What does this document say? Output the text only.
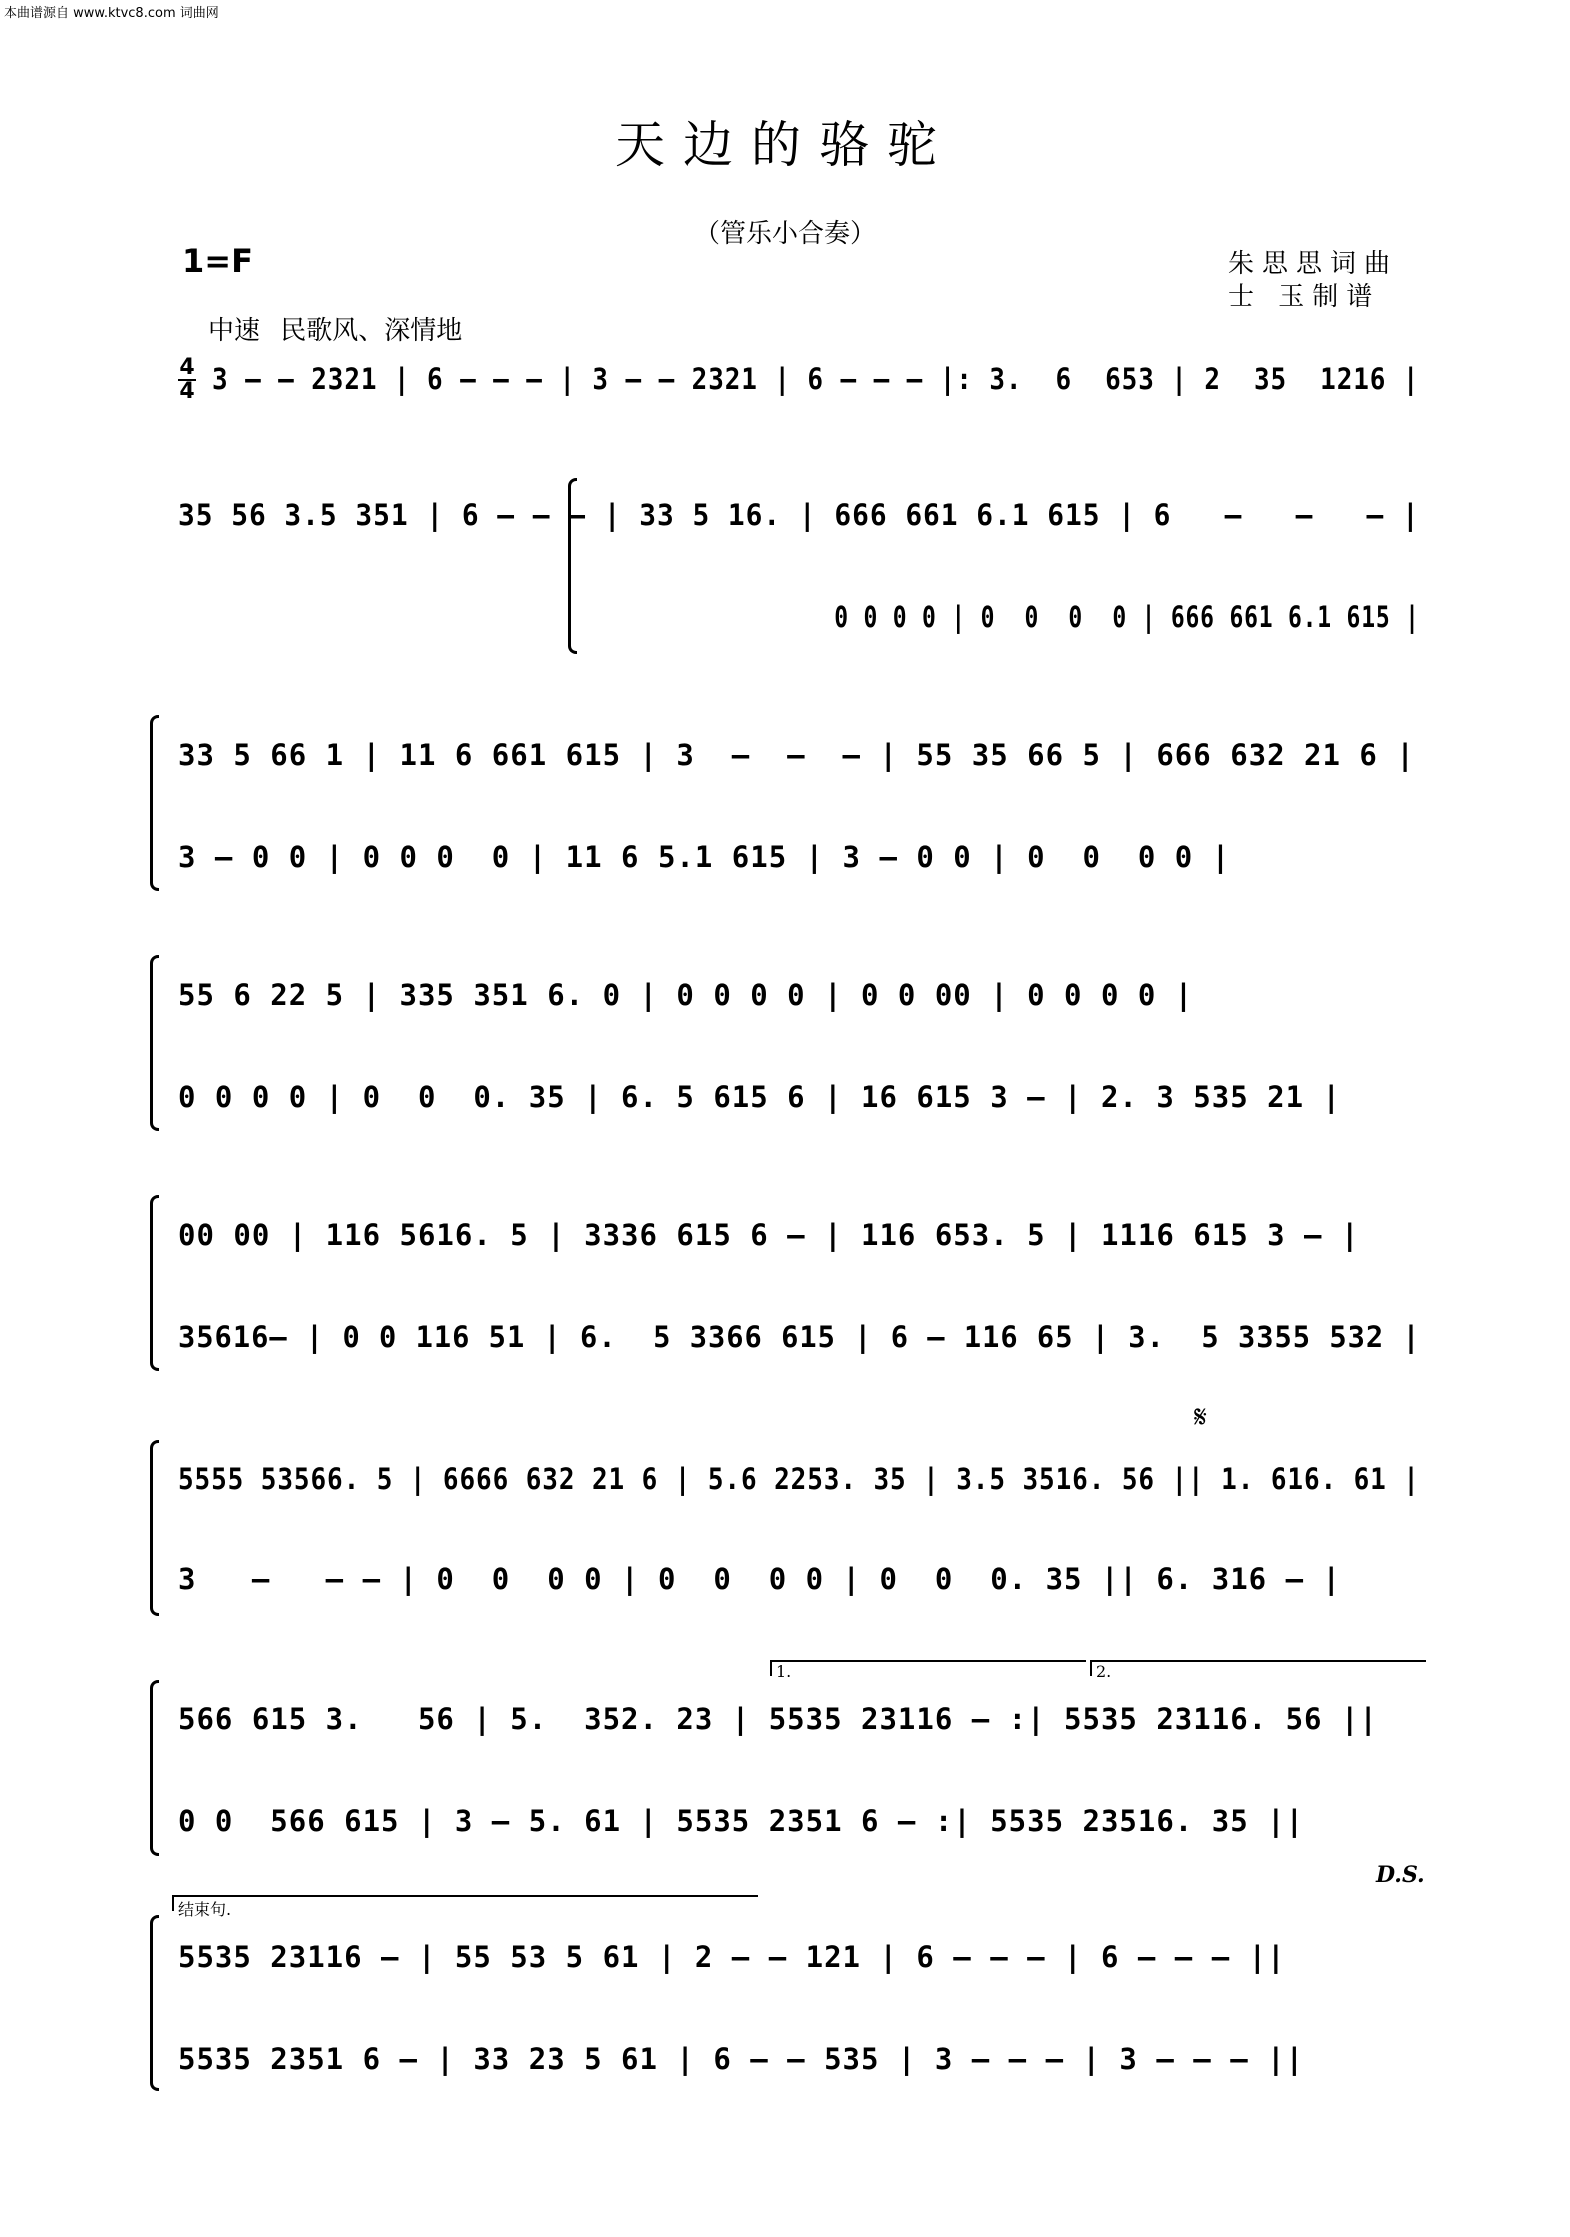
本曲谱源自 www.ktvc8.com 词曲网
天边的骆驼
（管乐小合奏）
1=F	朱思思词曲
士 玉制谱
中速 民歌风、深情地
4
4
𝄋
3 – – 2321 | 6 – – – | 3 – – 2321 | 6 – – – |: 3.  6  653 | 2  35  1216 |
35 56 3.5 351 | 6 – – – | 33 5 16. | 666 661 6.1 615 | 6   –   –   – |
0 0 0 0 | 0  0  0  0 | 666 661 6.1 615 |
33 5 66 1 | 11 6 661 615 | 3  –  –  – | 55 35 66 5 | 666 632 21 6 |
3 – 0 0 | 0 0 0  0 | 11 6 5.1 615 | 3 – 0 0 | 0  0  0 0 |
55 6 22 5 | 335 351 6. 0 | 0 0 0 0 | 0 0 00 | 0 0 0 0 |
0 0 0 0 | 0  0  0. 35 | 6. 5 615 6 | 16 615 3 – | 2. 3 535 21 |
00 00 | 116 5616. 5 | 3336 615 6 – | 116 653. 5 | 1116 615 3 – |
35616– | 0 0 116 51 | 6.  5 3366 615 | 6 – 116 65 | 3.  5 3355 532 |
5555 53566. 5 | 6666 632 21 6 | 5.6 2253. 35 | 3.5 3516. 56 || 1. 616. 61 |
3   –   – – | 0  0  0 0 | 0  0  0 0 | 0  0  0. 35 || 6. 316 – |
1.	2.
566 615 3.   56 | 5.  352. 23 | 5535 23116 – :| 5535 23116. 56 ||
0 0  566 615 | 3 – 5. 61 | 5535 2351 6 – :| 5535 23516. 35 ||
D.S.
结束句.
5535 23116 – | 55 53 5 61 | 2 – – 121 | 6 – – – | 6 – – – ||
5535 2351 6 – | 33 23 5 61 | 6 – – 535 | 3 – – – | 3 – – – ||
